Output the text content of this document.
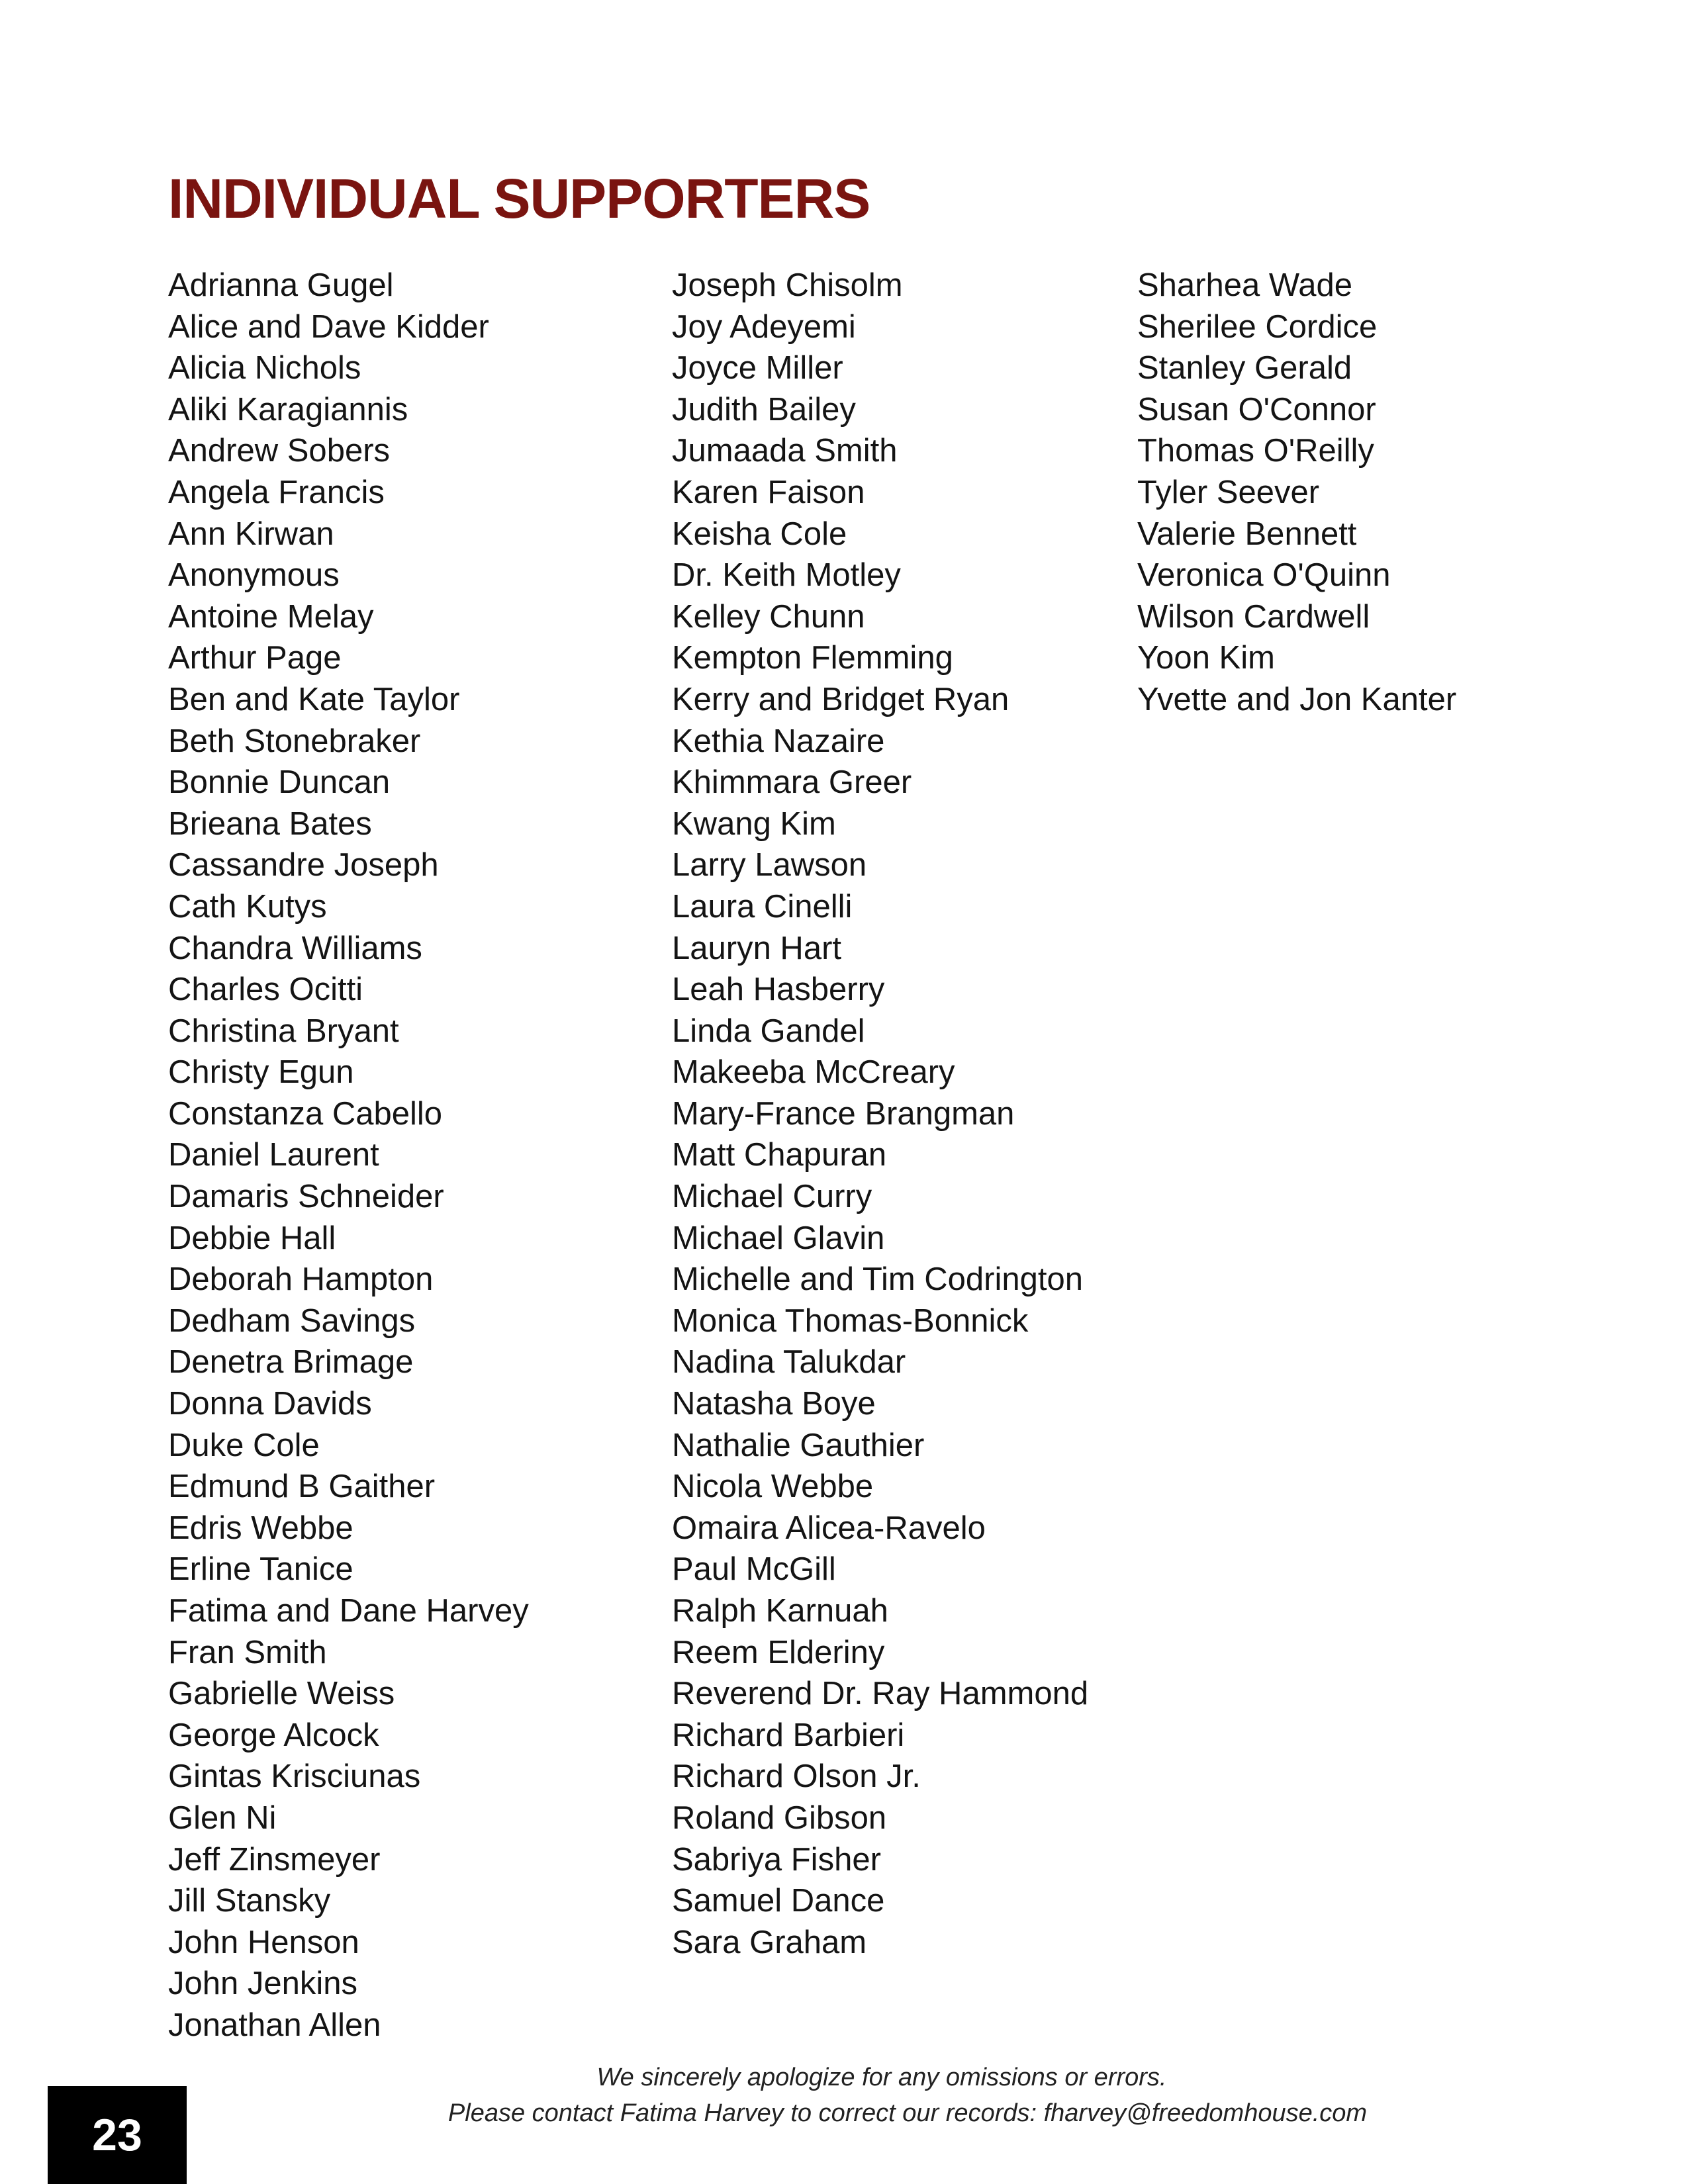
INDIVIDUAL SUPPORTERS
Adrianna Gugel
Alice and Dave Kidder
Alicia Nichols
Aliki Karagiannis
Andrew Sobers
Angela Francis
Ann Kirwan
Anonymous
Antoine Melay
Arthur Page
Ben and Kate Taylor
Beth Stonebraker
Bonnie Duncan
Brieana Bates
Cassandre Joseph
Cath Kutys
Chandra Williams
Charles Ocitti
Christina Bryant
Christy Egun
Constanza Cabello
Daniel Laurent
Damaris Schneider
Debbie Hall
Deborah Hampton
Dedham Savings
Denetra Brimage
Donna Davids
Duke Cole
Edmund B Gaither
Edris Webbe
Erline Tanice
Fatima and Dane Harvey
Fran Smith
Gabrielle Weiss
George Alcock
Gintas Krisciunas
Glen Ni
Jeff Zinsmeyer
Jill Stansky
John Henson
John Jenkins
Jonathan Allen
Joseph Chisolm
Joy Adeyemi
Joyce Miller
Judith Bailey
Jumaada Smith
Karen Faison
Keisha Cole
Dr. Keith Motley
Kelley Chunn
Kempton Flemming
Kerry and Bridget Ryan
Kethia Nazaire
Khimmara Greer
Kwang Kim
Larry Lawson
Laura Cinelli
Lauryn Hart
Leah Hasberry
Linda Gandel
Makeeba McCreary
Mary-France Brangman
Matt Chapuran
Michael Curry
Michael Glavin
Michelle and Tim Codrington
Monica Thomas-Bonnick
Nadina Talukdar
Natasha Boye
Nathalie Gauthier
Nicola Webbe
Omaira Alicea-Ravelo
Paul McGill
Ralph Karnuah
Reem Elderiny
Reverend Dr. Ray Hammond
Richard Barbieri
Richard Olson Jr.
Roland Gibson
Sabriya Fisher
Samuel Dance
Sara Graham
Sharhea Wade
Sherilee Cordice
Stanley Gerald
Susan O'Connor
Thomas O'Reilly
Tyler Seever
Valerie Bennett
Veronica O'Quinn
Wilson Cardwell
Yoon Kim
Yvette and Jon Kanter
We sincerely apologize for any omissions or errors.
Please contact Fatima Harvey to correct our records: fharvey@freedomhouse.com
23
